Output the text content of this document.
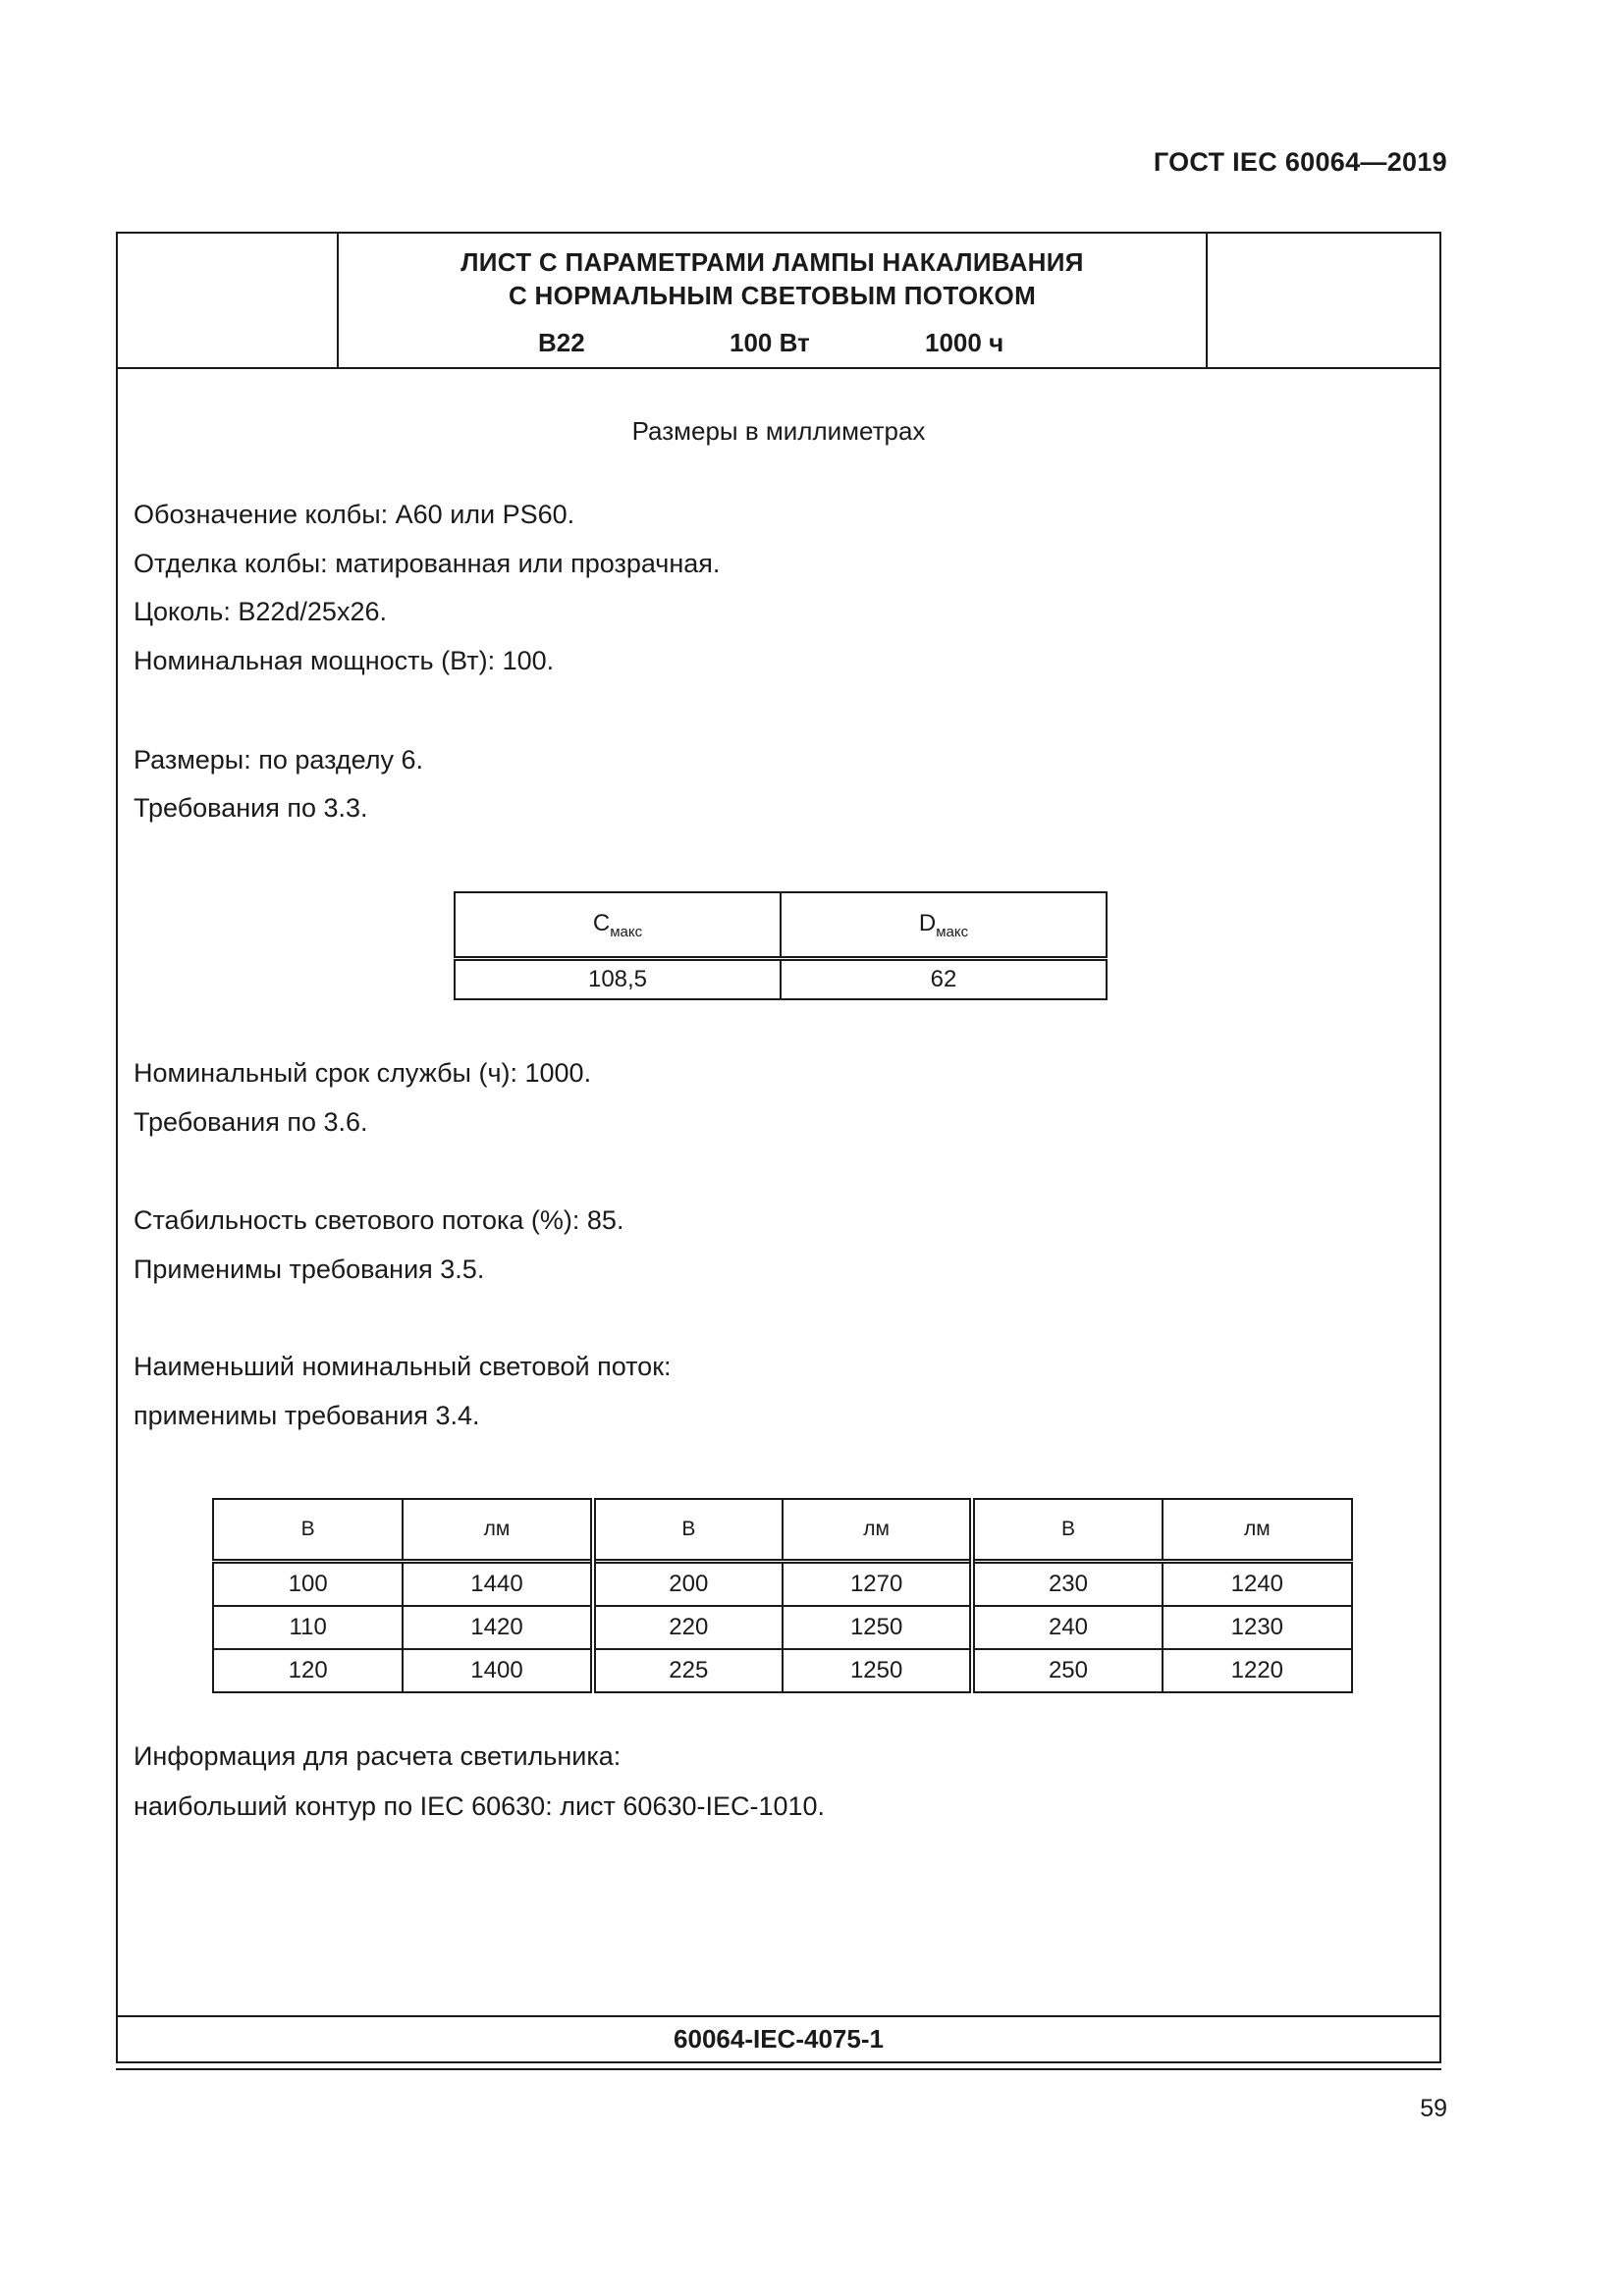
ГОСТ IEC 60064—2019
ЛИСТ С ПАРАМЕТРАМИ ЛАМПЫ НАКАЛИВАНИЯ
С НОРМАЛЬНЫМ СВЕТОВЫМ ПОТОКОМ
B22	100 Вт	1000 ч
Размеры в миллиметрах
Обозначение колбы: А60 или PS60.
Отделка колбы: матированная или прозрачная.
Цоколь: B22d/25x26.
Номинальная мощность (Вт): 100.
Размеры: по разделу 6.
Требования по 3.3.
$C_{макс}$	$D_{макс}$
108,5	62
Номинальный срок службы (ч): 1000.
Требования по 3.6.
Стабильность светового потока (%): 85.
Применимы требования 3.5.
Наименьший номинальный световой поток:
применимы требования 3.4.
В	лм	В	лм	В	лм
100	1440	200	1270	230	1240
110	1420	220	1250	240	1230
120	1400	225	1250	250	1220
Информация для расчета светильника:
наибольший контур по IEC 60630: лист 60630-IEC-1010.
60064-IEC-4075-1
59
